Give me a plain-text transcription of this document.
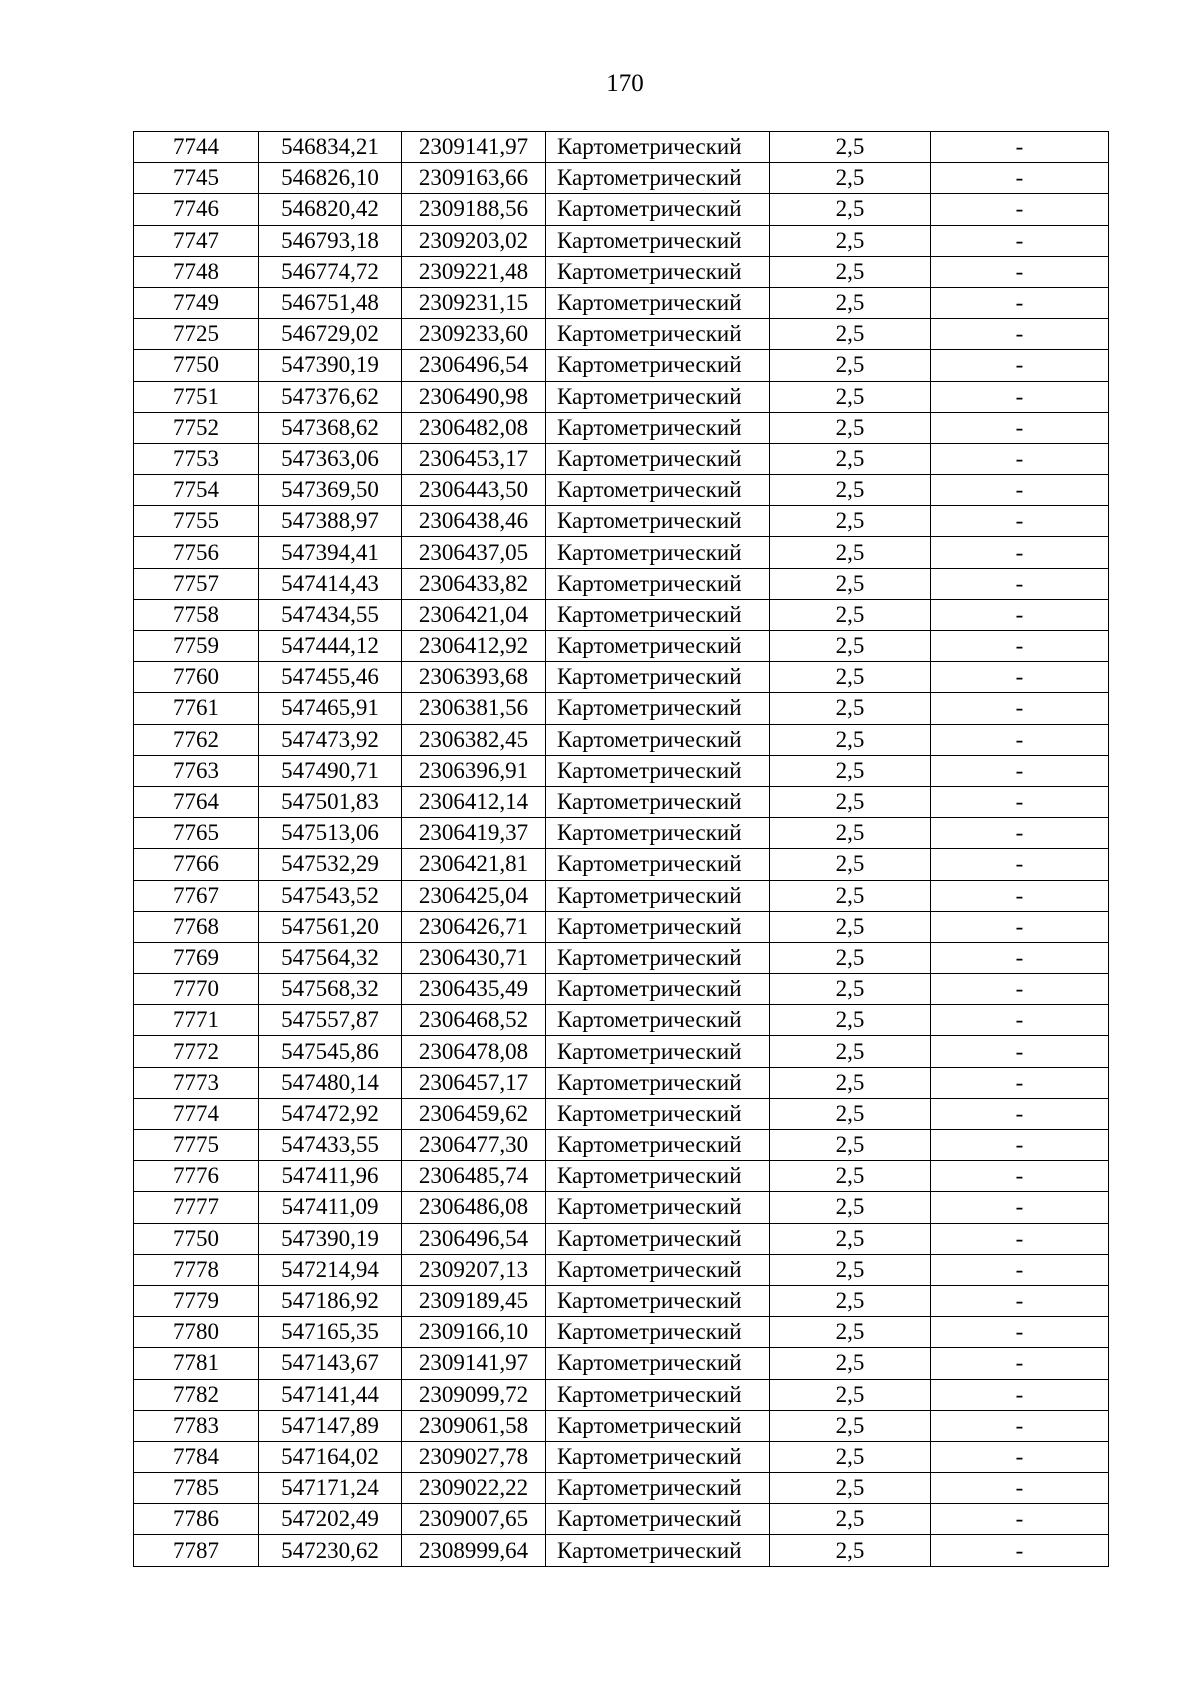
170
7744	546834,21	2309141,97	Картометрический	2,5	-
7745	546826,10	2309163,66	Картометрический	2,5	-
7746	546820,42	2309188,56	Картометрический	2,5	-
7747	546793,18	2309203,02	Картометрический	2,5	-
7748	546774,72	2309221,48	Картометрический	2,5	-
7749	546751,48	2309231,15	Картометрический	2,5	-
7725	546729,02	2309233,60	Картометрический	2,5	-
7750	547390,19	2306496,54	Картометрический	2,5	-
7751	547376,62	2306490,98	Картометрический	2,5	-
7752	547368,62	2306482,08	Картометрический	2,5	-
7753	547363,06	2306453,17	Картометрический	2,5	-
7754	547369,50	2306443,50	Картометрический	2,5	-
7755	547388,97	2306438,46	Картометрический	2,5	-
7756	547394,41	2306437,05	Картометрический	2,5	-
7757	547414,43	2306433,82	Картометрический	2,5	-
7758	547434,55	2306421,04	Картометрический	2,5	-
7759	547444,12	2306412,92	Картометрический	2,5	-
7760	547455,46	2306393,68	Картометрический	2,5	-
7761	547465,91	2306381,56	Картометрический	2,5	-
7762	547473,92	2306382,45	Картометрический	2,5	-
7763	547490,71	2306396,91	Картометрический	2,5	-
7764	547501,83	2306412,14	Картометрический	2,5	-
7765	547513,06	2306419,37	Картометрический	2,5	-
7766	547532,29	2306421,81	Картометрический	2,5	-
7767	547543,52	2306425,04	Картометрический	2,5	-
7768	547561,20	2306426,71	Картометрический	2,5	-
7769	547564,32	2306430,71	Картометрический	2,5	-
7770	547568,32	2306435,49	Картометрический	2,5	-
7771	547557,87	2306468,52	Картометрический	2,5	-
7772	547545,86	2306478,08	Картометрический	2,5	-
7773	547480,14	2306457,17	Картометрический	2,5	-
7774	547472,92	2306459,62	Картометрический	2,5	-
7775	547433,55	2306477,30	Картометрический	2,5	-
7776	547411,96	2306485,74	Картометрический	2,5	-
7777	547411,09	2306486,08	Картометрический	2,5	-
7750	547390,19	2306496,54	Картометрический	2,5	-
7778	547214,94	2309207,13	Картометрический	2,5	-
7779	547186,92	2309189,45	Картометрический	2,5	-
7780	547165,35	2309166,10	Картометрический	2,5	-
7781	547143,67	2309141,97	Картометрический	2,5	-
7782	547141,44	2309099,72	Картометрический	2,5	-
7783	547147,89	2309061,58	Картометрический	2,5	-
7784	547164,02	2309027,78	Картометрический	2,5	-
7785	547171,24	2309022,22	Картометрический	2,5	-
7786	547202,49	2309007,65	Картометрический	2,5	-
7787	547230,62	2308999,64	Картометрический	2,5	-
